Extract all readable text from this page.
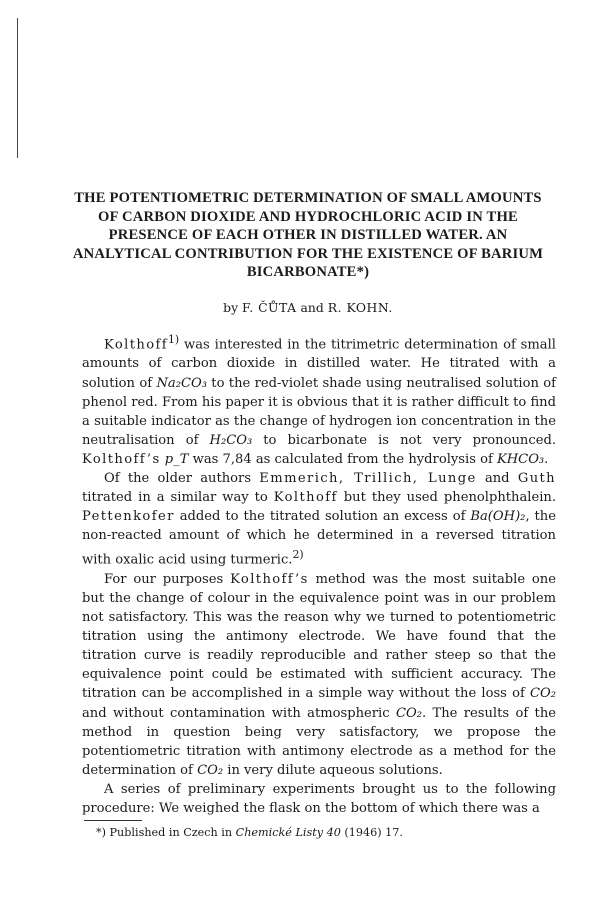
THE POTENTIOMETRIC DETERMINATION OF SMALL AMOUNTS OF CARBON DIOXIDE AND HYDROCHLORIC ACID IN THE PRESENCE OF EACH OTHER IN DISTILLED WATER. AN ANALYTICAL CONTRIBUTION FOR THE EXISTENCE OF BARIUM BICARBONATE*)
by F. ČŮTA and R. KOHN.

Kolthoff$^{1)}$ was interested in the titrimetric determination of small amounts of carbon dioxide in distilled water. He titrated with a solution of Na₂CO₃ to the red-violet shade using neutralised solution of phenol red. From his paper it is obvious that it is rather difficult to find a suitable indicator as the change of hydrogen ion concentration in the neutralisation of H₂CO₃ to bicarbonate is not very pronounced. Kolthoff’s p_T was 7,84 as calculated from the hydrolysis of KHCO₃.

Of the older authors Emmerich, Trillich, Lunge and Guth titrated in a similar way to Kolthoff but they used phenolphthalein. Pettenkofer added to the titrated solution an excess of Ba(OH)₂, the non-reacted amount of which he determined in a reversed titration with oxalic acid using turmeric.$^{2)}$

For our purposes Kolthoff’s method was the most suitable one but the change of colour in the equivalence point was in our problem not satisfactory. This was the reason why we turned to potentiometric titration using the antimony electrode. We have found that the titration curve is readily reproducible and rather steep so that the equivalence point could be estimated with sufficient accuracy. The titration can be accomplished in a simple way without the loss of CO₂ and without contamination with atmospheric CO₂. The results of the method in question being very satisfactory, we propose the potentiometric titration with antimony electrode as a method for the determination of CO₂ in very dilute aqueous solutions.

A series of preliminary experiments brought us to the following procedure: We weighed the flask on the bottom of which there was a

*) Published in Czech in Chemické Listy 40 (1946) 17.
